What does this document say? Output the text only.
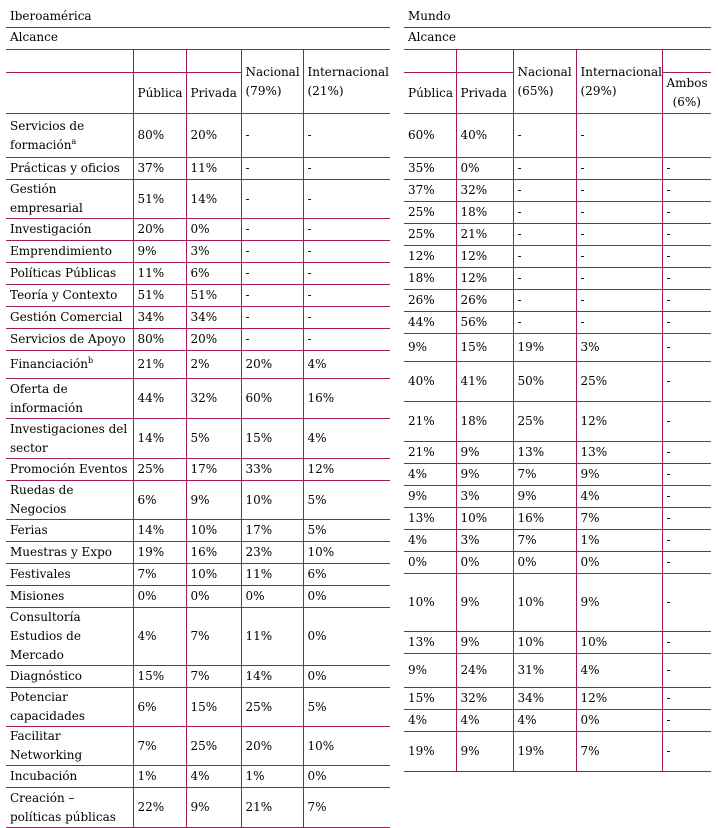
Iberoamérica				
Alcance				
			Nacional (79%)	Internacional (21%)
	Pública	Privada		
Servicios de formación$^a$	80%	20%	-	-
Prácticas y oficios	37%	11%	-	-
Gestión empresarial	51%	14%	-	-
Investigación	20%	0%	-	-
Emprendimiento	9%	3%	-	-
Políticas Públicas	11%	6%	-	-
Teoría y Contexto	51%	51%	-	-
Gestión Comercial	34%	34%	-	-
Servicios de Apoyo	80%	20%	-	-
Financiación$^b$	21%	2%	20%	4%
Oferta de información	44%	32%	60%	16%
Investigaciones del sector	14%	5%	15%	4%
Promoción Eventos	25%	17%	33%	12%
Ruedas de Negocios	6%	9%	10%	5%
Ferias	14%	10%	17%	5%
Muestras y Expo	19%	16%	23%	10%
Festivales	7%	10%	11%	6%
Misiones	0%	0%	0%	0%
Consultoría Estudios de Mercado	4%	7%	11%	0%
Diagnóstico	15%	7%	14%	0%
Potenciar capacidades	6%	15%	25%	5%
Facilitar Networking	7%	25%	20%	10%
Incubación	1%	4%	1%	0%
Creación – políticas públicas	22%	9%	21%	7%
Mundo				
Alcance				
		Nacional (65%)	Internacional (29%)	
Pública	Privada			Ambos (6%)
60%	40%	-	-	
35%	0%	-	-	-
37%	32%	-	-	-
25%	18%	-	-	-
25%	21%	-	-	-
12%	12%	-	-	-
18%	12%	-	-	-
26%	26%	-	-	-
44%	56%	-	-	-
9%	15%	19%	3%	-
40%	41%	50%	25%	-
21%	18%	25%	12%	-
21%	9%	13%	13%	-
4%	9%	7%	9%	-
9%	3%	9%	4%	-
13%	10%	16%	7%	-
4%	3%	7%	1%	-
0%	0%	0%	0%	-
10%	9%	10%	9%	-
13%	9%	10%	10%	-
9%	24%	31%	4%	-
15%	32%	34%	12%	-
4%	4%	4%	0%	-
19%	9%	19%	7%	-
